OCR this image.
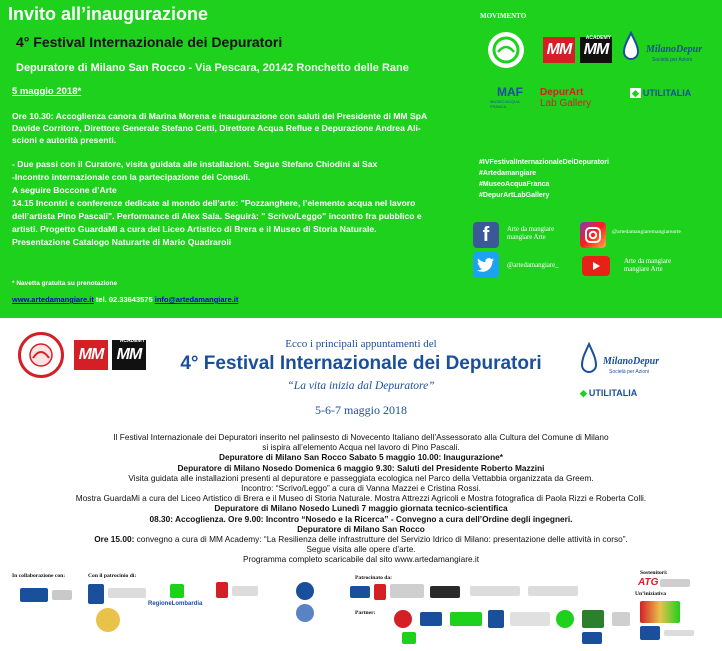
Invito all’inaugurazione
4° Festival Internazionale dei Depuratori
Depuratore di Milano San Rocco - Via Pescara, 20142 Ronchetto delle Rane
5 maggio 2018*
Ore 10.30: Accoglienza canora di Marina Morena e inaugurazione con saluti del Presidente di MM SpA
Davide Corritore, Direttore Generale Stefano Cetti, Direttore Acqua Reflue e Depurazione Andrea Ali-
scioni e autorità presenti.
- Due passi con il Curatore, visita guidata alle installazioni. Segue Stefano Chiodini al Sax
-Incontro internazionale con la partecipazione dei Consoli.
A seguire Boccone d’Arte
14.15 Incontri e conferenze dedicate al mondo dell’arte: "Pozzanghere, l’elemento acqua nel lavoro
dell’artista Pino Pascali". Performance di Alex Sala. Seguirà: " Scrivo/Leggo" incontro fra pubblico e
artisti. Progetto GuardaMI a cura del Liceo Artistico di Brera e il Museo di Storia Naturale.
Presentazione Catalogo Naturarte di Mario Quadraroli
* Navetta gratuita su prenotazione
www.artedamangiare.it tel. 02.33643575 info@artedamangiare.it
MOVIMENTO
MM
ACADEMY
MM	MilanoDepur
Società per Azioni
MAF
MUSEO ACQUA FRANCA
DepurArt
Lab Gallery
◆ UTILITALIA
#IVFestivalInternazionaleDeiDepuratori
#Artedamangiare
#MuseoAcquaFranca
#DepurArtLabGallery
f	Arte da mangiare mangiare Arte
@artedamangiaremangiarearte
@artedamangiare_
Arte da mangiare mangiare Arte
MM
ACADEMY
MM	MilanoDepur
Società per Azioni
◆ UTILITALIA
Ecco i principali appuntamenti del
4° Festival Internazionale dei Depuratori
“La vita inizia dal Depuratore”
5-6-7 maggio 2018
Il Festival Internazionale dei Depuratori inserito nel palinsesto di Novecento Italiano dell’Assessorato alla Cultura del Comune di Milano
si ispira all’elemento Acqua nel lavoro di Pino Pascali.
Depuratore di Milano San Rocco Sabato 5 maggio 10.00: Inaugurazione*
Depuratore di Milano Nosedo Domenica 6 maggio 9.30: Saluti del Presidente Roberto Mazzini
Visita guidata alle installazioni presenti al depuratore e passeggiata ecologica nel Parco della Vettabbia organizzata da Greem.
Incontro: “Scrivo/Leggo” a cura di Vanna Mazzei e Cristina Rossi.
Mostra GuardaMi a cura del Liceo Artistico di Brera e il Museo di Storia Naturale. Mostra Attrezzi Agricoli e Mostra fotografica di Paola Rizzi e Roberta Colli.
Depuratore di Milano Nosedo Lunedì 7 maggio giornata tecnico-scientifica
08.30: Accoglienza. Ore 9.00: Incontro “Nosedo e la Ricerca” - Convegno a cura dell’Ordine degli ingegneri.
Depuratore di Milano San Rocco
Ore 15.00: convegno a cura di MM Academy: “La Resilienza delle infrastrutture del Servizio Idrico di Milano: presentazione delle attività in corso”.
Segue visita alle opere d’arte.
Programma completo scaricabile dal sito www.artedamangiare.it
In collaborazione con:	Con il patrocinio di:	Patrocinato da:
Partner:
Sostenitori:
Un’iniziativa
RegioneLombardia
ATG
